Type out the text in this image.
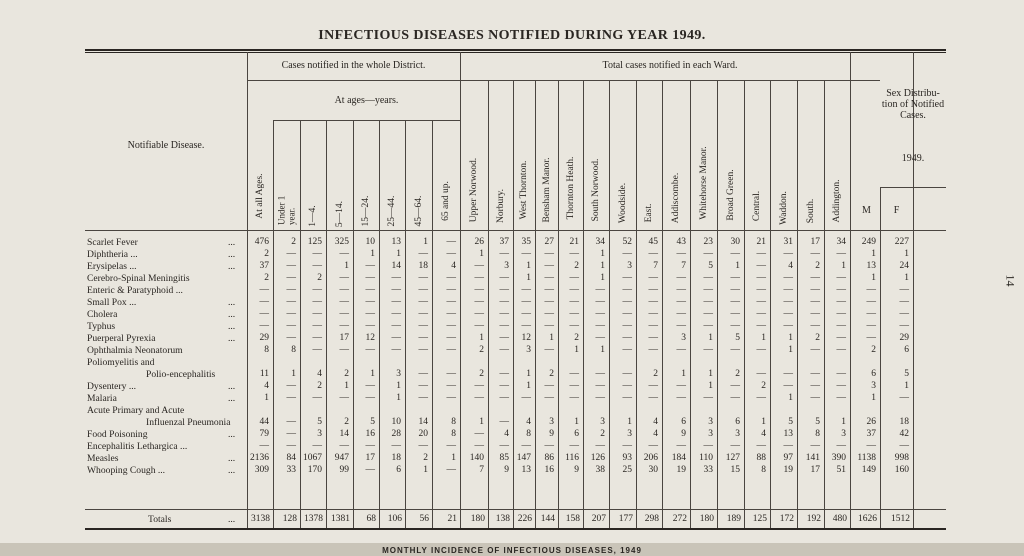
INFECTIOUS DISEASES NOTIFIED DURING YEAR 1949.
14
Notifiable Disease.
Cases notified in the whole District.
At ages—years.
Total cases notified in each Ward.
Sex Distribu- tion of Notified Cases.
1949.
At all Ages. Under 1 year. 1—4. 5—14. 15—24. 25—44. 45—64. 65 and up. Upper Norwood. Norbury. West Thornton. Bensham Manor. Thornton Heath. South Norwood. Woodside. East. Addiscombe. Whitehorse Manor. Broad Green. Central. Waddon. South. Addington.	M	F
Scarlet Fever	...	476	2	125	325	10	13	1	—	26	37	35	27	21	34	52	45	43	23	30	21	31	17	34	249	227
Diphtheria ...	...	2	—	—	—	1	1	—	—	1	—	—	—	—	1	—	—	—	—	—	—	—	—	—	1	1
Erysipelas ...	...	37	—	—	1	—	14	18	4	—	3	1	—	2	1	3	7	7	5	1	—	4	2	1	13	24
Cerebro-Spinal Meningitis	2	—	2	—	—	—	—	—	—	—	1	—	—	1	—	—	—	—	—	—	—	—	—	1	1
Enteric & Paratyphoid ...	—	—	—	—	—	—	—	—	—	—	—	—	—	—	—	—	—	—	—	—	—	—	—	—	—
Small Pox ...	...	—	—	—	—	—	—	—	—	—	—	—	—	—	—	—	—	—	—	—	—	—	—	—	—	—
Cholera	...	—	—	—	—	—	—	—	—	—	—	—	—	—	—	—	—	—	—	—	—	—	—	—	—	—
Typhus	...	—	—	—	—	—	—	—	—	—	—	—	—	—	—	—	—	—	—	—	—	—	—	—	—	—
Puerperal Pyrexia	...	29	—	—	17	12	—	—	—	1	—	12	1	2	—	—	—	3	1	5	1	1	2	—	—	29
Ophthalmia Neonatorum	8	8	—	—	—	—	—	—	2	—	3	—	1	1	—	—	—	—	—	—	1	—	—	2	6
Poliomyelitis and
Polio-encephalitis	11	1	4	2	1	3	—	—	2	—	1	2	—	—	—	2	1	1	2	—	—	—	—	6	5
Dysentery ...	...	4	—	2	1	—	1	—	—	—	—	1	—	—	—	—	—	—	1	—	2	—	—	—	3	1
Malaria	...	1	—	—	—	—	1	—	—	—	—	—	—	—	—	—	—	—	—	—	—	1	—	—	1	—
Acute Primary and Acute
Influenzal Pneumonia	44	—	5	2	5	10	14	8	1	—	4	3	1	3	1	4	6	3	6	1	5	5	1	26	18
Food Poisoning	...	79	—	3	14	16	28	20	8	—	4	8	9	6	2	3	4	9	3	3	4	13	8	3	37	42
Encephalitis Lethargica ...	—	—	—	—	—	—	—	—	—	—	—	—	—	—	—	—	—	—	—	—	—	—	—	—	—
Measles	...	2136	84 1067	947	17	18	2	1	140	85 147	86	116	126	93	206	184	110	127	88	97	141	390	1138	998
Whooping Cough ...	...	309	33	170	99	—	6	1	—	7	9	13	16	9	38	25	30	19	33	15	8	19	17	51	149	160
Totals	...	3138	128 1378 1381	68	106	56	21	180	138 226 144	158	207	177	298	272	180	189	125	172	192	480	1626	1512
MONTHLY INCIDENCE OF INFECTIOUS DISEASES, 1949
